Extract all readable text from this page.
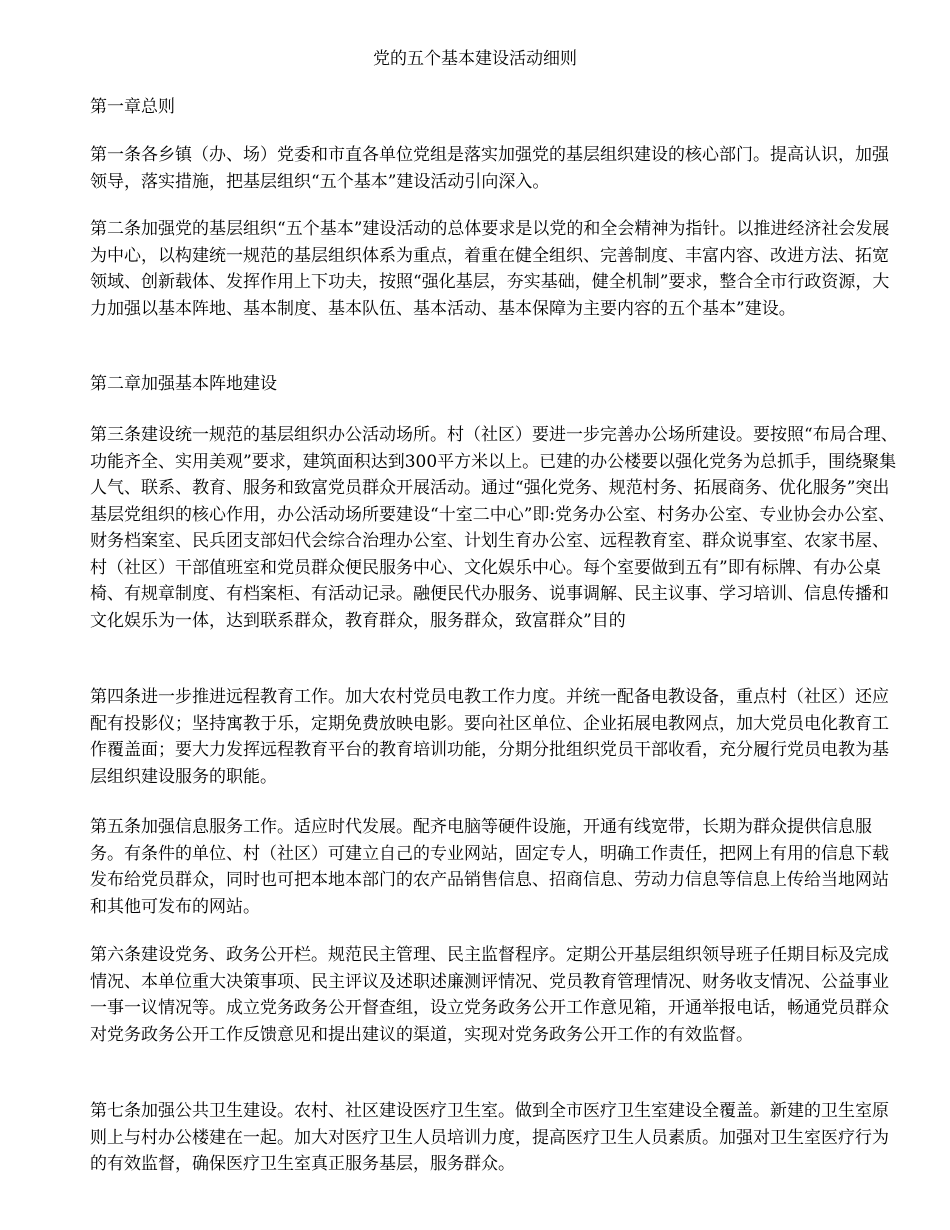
党的五个基本建设活动细则

第一章总则

第一条各乡镇（办、场）党委和市直各单位党组是落实加强党的基层组织建设的核心部门。提高认识，加强领导，落实措施，把基层组织“五个基本”建设活动引向深入。

第二条加强党的基层组织“五个基本”建设活动的总体要求是以党的和全会精神为指针。以推进经济社会发展为中心，以构建统一规范的基层组织体系为重点，着重在健全组织、完善制度、丰富内容、改进方法、拓宽领域、创新载体、发挥作用上下功夫，按照“强化基层，夯实基础，健全机制”要求，整合全市行政资源，大力加强以基本阵地、基本制度、基本队伍、基本活动、基本保障为主要内容的五个基本”建设。

第二章加强基本阵地建设

第三条建设统一规范的基层组织办公活动场所。村（社区）要进一步完善办公场所建设。要按照“布局合理、功能齐全、实用美观”要求，建筑面积达到300平方米以上。已建的办公楼要以强化党务为总抓手，围绕聚集人气、联系、教育、服务和致富党员群众开展活动。通过“强化党务、规范村务、拓展商务、优化服务”突出基层党组织的核心作用，办公活动场所要建设“十室二中心”即:党务办公室、村务办公室、专业协会办公室、财务档案室、民兵团支部妇代会综合治理办公室、计划生育办公室、远程教育室、群众说事室、农家书屋、村（社区）干部值班室和党员群众便民服务中心、文化娱乐中心。每个室要做到五有”即有标牌、有办公桌椅、有规章制度、有档案柜、有活动记录。融便民代办服务、说事调解、民主议事、学习培训、信息传播和文化娱乐为一体，达到联系群众，教育群众，服务群众，致富群众”目的

第四条进一步推进远程教育工作。加大农村党员电教工作力度。并统一配备电教设备，重点村（社区）还应配有投影仪；坚持寓教于乐，定期免费放映电影。要向社区单位、企业拓展电教网点，加大党员电化教育工作覆盖面；要大力发挥远程教育平台的教育培训功能，分期分批组织党员干部收看，充分履行党员电教为基层组织建设服务的职能。

第五条加强信息服务工作。适应时代发展。配齐电脑等硬件设施，开通有线宽带，长期为群众提供信息服务。有条件的单位、村（社区）可建立自己的专业网站，固定专人，明确工作责任，把网上有用的信息下载发布给党员群众，同时也可把本地本部门的农产品销售信息、招商信息、劳动力信息等信息上传给当地网站和其他可发布的网站。

第六条建设党务、政务公开栏。规范民主管理、民主监督程序。定期公开基层组织领导班子任期目标及完成情况、本单位重大决策事项、民主评议及述职述廉测评情况、党员教育管理情况、财务收支情况、公益事业一事一议情况等。成立党务政务公开督查组，设立党务政务公开工作意见箱，开通举报电话，畅通党员群众对党务政务公开工作反馈意见和提出建议的渠道，实现对党务政务公开工作的有效监督。

第七条加强公共卫生建设。农村、社区建设医疗卫生室。做到全市医疗卫生室建设全覆盖。新建的卫生室原则上与村办公楼建在一起。加大对医疗卫生人员培训力度，提高医疗卫生人员素质。加强对卫生室医疗行为的有效监督，确保医疗卫生室真正服务基层，服务群众。
